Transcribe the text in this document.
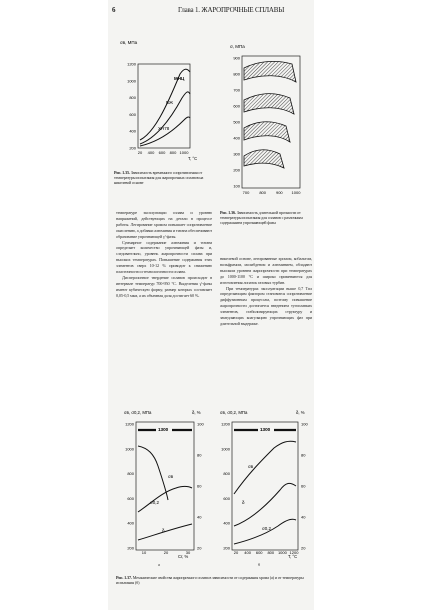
6	Глава 1. ЖАРОПРОЧНЫЕ СПЛАВЫ
σв, МПа
1200
1000
800
600
400
200
20 400 600 800 1000
МНЦ
ВЖ
ХН78
T, °C
Рис. 1.35. Зависимость временного сопротивления от температуры испытания для жаропрочных сплавов на никелевой основе
σ, МПа
900
800
700
600
500
400
300
200
100
700 800 900 1000
Рис. 1.36. Зависимость длительной прочности от температуры испытания для сплавов с различным содержанием упрочняющей фазы
температуре эксплуатации сплава и уровню напряжений, действующих на детали в процессе работы. Легирование хромом повышает сопротивление окислению, а добавки алюминия и титана обеспечивают образование упрочняющей γ'-фазы.
Суммарное содержание алюминия и титана определяет количество упрочняющей фазы и, следовательно, уровень жаропрочности сплава при высоких температурах. Повышение содержания этих элементов сверх 10-12 % приводит к снижению пластичности и технологичности сплава.
Дисперсионное твердение сплавов происходит в интервале температур 700-950 °С. Выделения γ'-фазы имеют кубическую форму, размер которых составляет 0,05-0,5 мкм, а их объемная доля достигает 60 %.
никелевой основе, легированные хромом, кобальтом, вольфрамом, молибденом и алюминием, обладают высоким уровнем жаропрочности при температурах до 1000-1100 °С и широко применяются для изготовления лопаток газовых турбин.
При температурах эксплуатации выше 0,7 Тпл определяющим фактором становится сопротивление диффузионным процессам, поэтому повышение жаропрочности достигается введением тугоплавких элементов, стабилизирующих структуру и замедляющих коагуляцию упрочняющих фаз при длительной выдержке.
σв, σ0,2, МПа	δ, %
1200
1000
800
600
400
200
100
80
60
40
20
10	20	30
1300
σв
σ0,2
δ
Cr, %
а
σв, σ0,2, МПа	δ, %
1200
1000
800
600
400
200
100
80
60
40
20
20 400 600 800 1000 1200
1300
σв
δ
σ0,2
T, °C
б
Рис. 1.37. Механические свойства жаропрочного сплава в зависимости от содержания хрома (а) и от температуры испытания (б)
